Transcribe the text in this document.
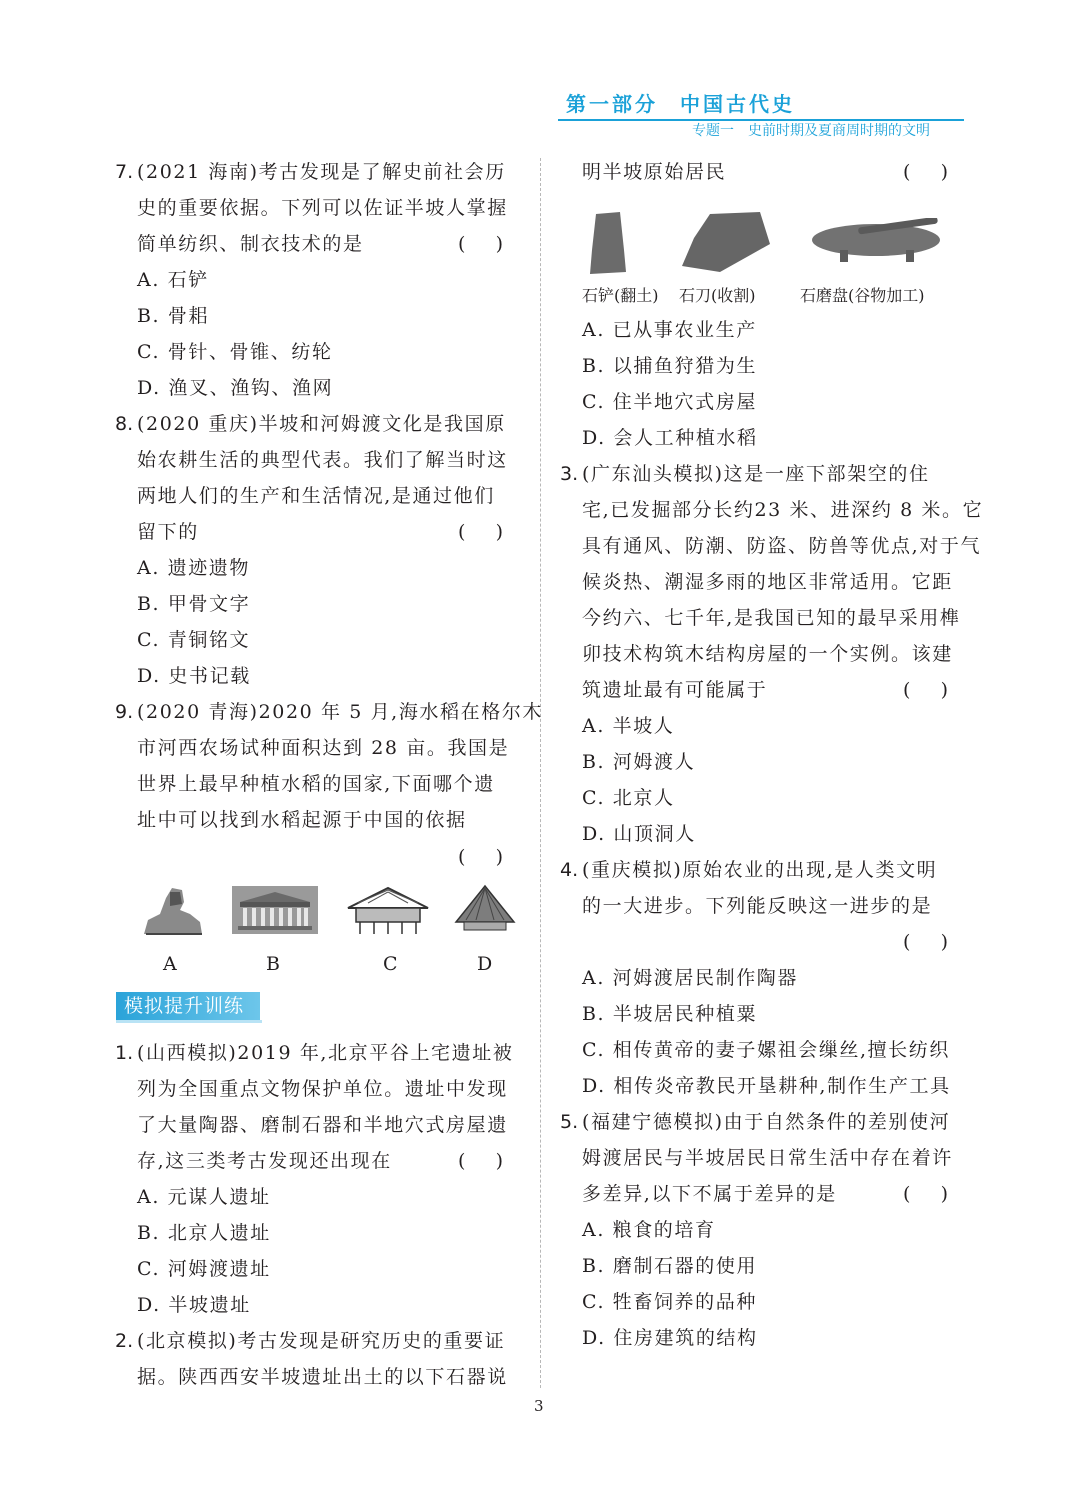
第一部分 中国古代史
专题一 史前时期及夏商周时期的文明
7. (2021 海南)考古发现是了解史前社会历
史的重要依据。下列可以佐证半坡人掌握
简单纺织、制衣技术的是	(     )
A. 石铲
B. 骨耜
C. 骨针、骨锥、纺轮
D. 渔叉、渔钩、渔网
8. (2020 重庆)半坡和河姆渡文化是我国原
始农耕生活的典型代表。我们了解当时这
两地人们的生产和生活情况,是通过他们
留下的	(     )
A. 遗迹遗物
B. 甲骨文字
C. 青铜铭文
D. 史书记载
9. (2020 青海)2020 年 5 月,海水稻在格尔木
市河西农场试种面积达到 28 亩。我国是
世界上最早种植水稻的国家,下面哪个遗
址中可以找到水稻起源于中国的依据
(     )
A	B	C	D
模拟提升训练
1. (山西模拟)2019 年,北京平谷上宅遗址被
列为全国重点文物保护单位。遗址中发现
了大量陶器、磨制石器和半地穴式房屋遗
存,这三类考古发现还出现在	(     )
A. 元谋人遗址
B. 北京人遗址
C. 河姆渡遗址
D. 半坡遗址
2. (北京模拟)考古发现是研究历史的重要证
据。陕西西安半坡遗址出土的以下石器说
明半坡原始居民	(     )
石铲(翻土) 石刀(收割)	石磨盘(谷物加工)
A. 已从事农业生产
B. 以捕鱼狩猎为生
C. 住半地穴式房屋
D. 会人工种植水稻
3. (广东汕头模拟)这是一座下部架空的住
宅,已发掘部分长约23 米、进深约 8 米。它
具有通风、防潮、防盗、防兽等优点,对于气
候炎热、潮湿多雨的地区非常适用。它距
今约六、七千年,是我国已知的最早采用榫
卯技术构筑木结构房屋的一个实例。该建
筑遗址最有可能属于	(     )
A. 半坡人
B. 河姆渡人
C. 北京人
D. 山顶洞人
4. (重庆模拟)原始农业的出现,是人类文明
的一大进步。下列能反映这一进步的是
(     )
A. 河姆渡居民制作陶器
B. 半坡居民种植粟
C. 相传黄帝的妻子嫘祖会缫丝,擅长纺织
D. 相传炎帝教民开垦耕种,制作生产工具
5. (福建宁德模拟)由于自然条件的差别使河
姆渡居民与半坡居民日常生活中存在着许
多差异,以下不属于差异的是	(     )
A. 粮食的培育
B. 磨制石器的使用
C. 牲畜饲养的品种
D. 住房建筑的结构
3
